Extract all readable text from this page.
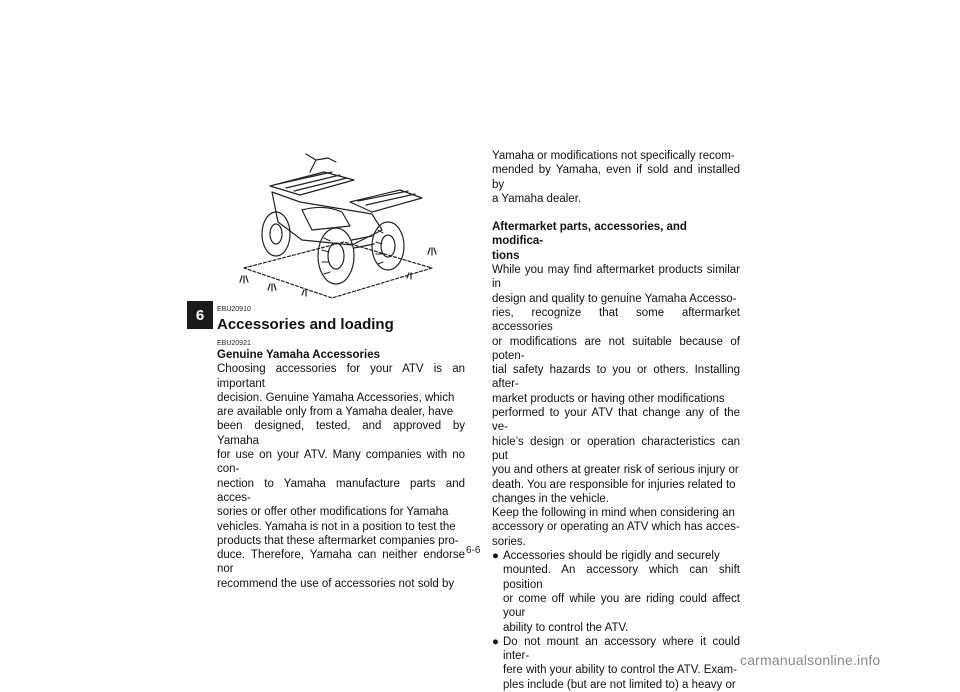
6	EBU20910

Accessories and loading

EBU20921

Genuine Yamaha Accessories
Choosing accessories for your ATV is an important
decision. Genuine Yamaha Accessories, which
are available only from a Yamaha dealer, have
been designed, tested, and approved by Yamaha
for use on your ATV. Many companies with no con-
nection to Yamaha manufacture parts and acces-
sories or offer other modifications for Yamaha
vehicles. Yamaha is not in a position to test the
products that these aftermarket companies pro-
duce. Therefore, Yamaha can neither endorse nor
recommend the use of accessories not sold by
Yamaha or modifications not specifically recom-
mended by Yamaha, even if sold and installed by
a Yamaha dealer.
Aftermarket parts, accessories, and modifica-
tions
While you may find aftermarket products similar in
design and quality to genuine Yamaha Accesso-
ries, recognize that some aftermarket accessories
or modifications are not suitable because of poten-
tial safety hazards to you or others. Installing after-
market products or having other modifications
performed to your ATV that change any of the ve-
hicle’s design or operation characteristics can put
you and others at greater risk of serious injury or
death. You are responsible for injuries related to
changes in the vehicle.
Keep the following in mind when considering an
accessory or operating an ATV which has acces-
sories.
● Accessories should be rigidly and securely
mounted. An accessory which can shift position
or come off while you are riding could affect your
ability to control the ATV.
● Do not mount an accessory where it could inter-
fere with your ability to control the ATV. Exam-
ples include (but are not limited to) a heavy or
6-6
carmanualsonline.info
